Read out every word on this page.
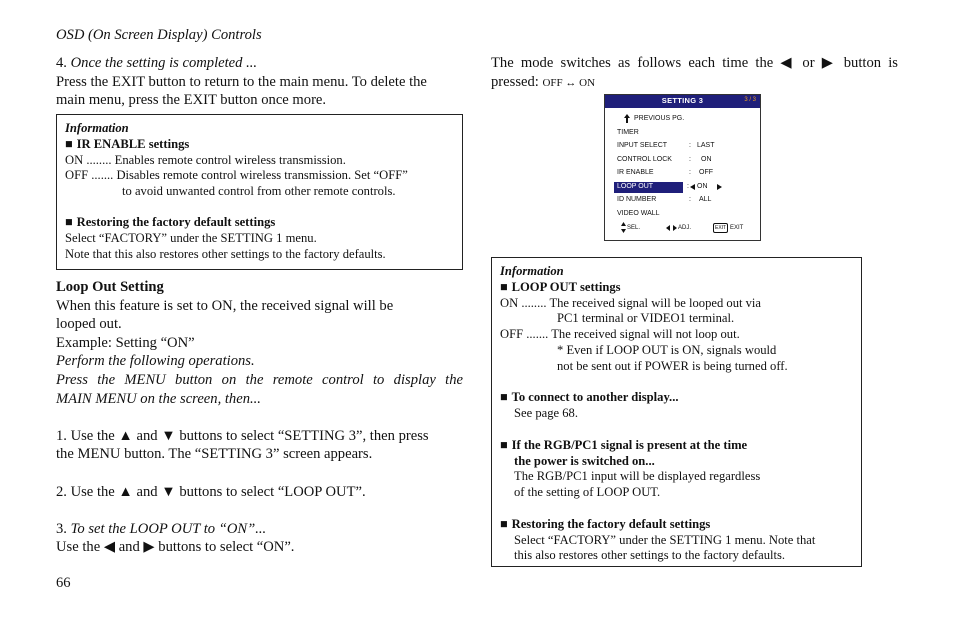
OSD (On Screen Display) Controls
4. Once the setting is completed ...
Press the EXIT button to return to the main menu. To delete the
main menu, press the EXIT button once more.
Information
■ IR ENABLE settings
ON ........ Enables remote control wireless transmission.
OFF ....... Disables remote control wireless transmission. Set “OFF”
to avoid unwanted control from other remote controls.
■ Restoring the factory default settings
Select “FACTORY” under the SETTING 1 menu.
Note that this also restores other settings to the factory defaults.
Loop Out Setting
When this feature is set to ON, the received signal will be
looped out.
Example: Setting “ON”
Perform the following operations.
Press the MENU button on the remote control to display the
MAIN MENU on the screen, then...
1. Use the ▲ and ▼ buttons to select “SETTING 3”, then press
the MENU button. The “SETTING 3” screen appears.
2. Use the ▲ and ▼ buttons to select “LOOP OUT”.
3. To set the LOOP OUT to “ON”...
Use the ◀ and ▶ buttons to select “ON”.
66
The mode switches as follows each time the ◀ or ▶ button is
pressed: OFF ↔ ON
SETTING 3	3 / 3
PREVIOUS PG.
TIMER
INPUT SELECT	: LAST
CONTROL LOCK : ON
IR ENABLE	: OFF
LOOP OUT	: ON
ID NUMBER	: ALL
VIDEO WALL
SEL.	ADJ.	EXIT EXIT
Information
■ LOOP OUT settings
ON ........ The received signal will be looped out via
PC1 terminal or VIDEO1 terminal.
OFF ....... The received signal will not loop out.
* Even if LOOP OUT is ON, signals would
not be sent out if POWER is being turned off.
■ To connect to another display...
See page 68.
■ If the RGB/PC1 signal is present at the time
the power is switched on...
The RGB/PC1 input will be displayed regardless
of the setting of LOOP OUT.
■ Restoring the factory default settings
Select “FACTORY” under the SETTING 1 menu. Note that
this also restores other settings to the factory defaults.
